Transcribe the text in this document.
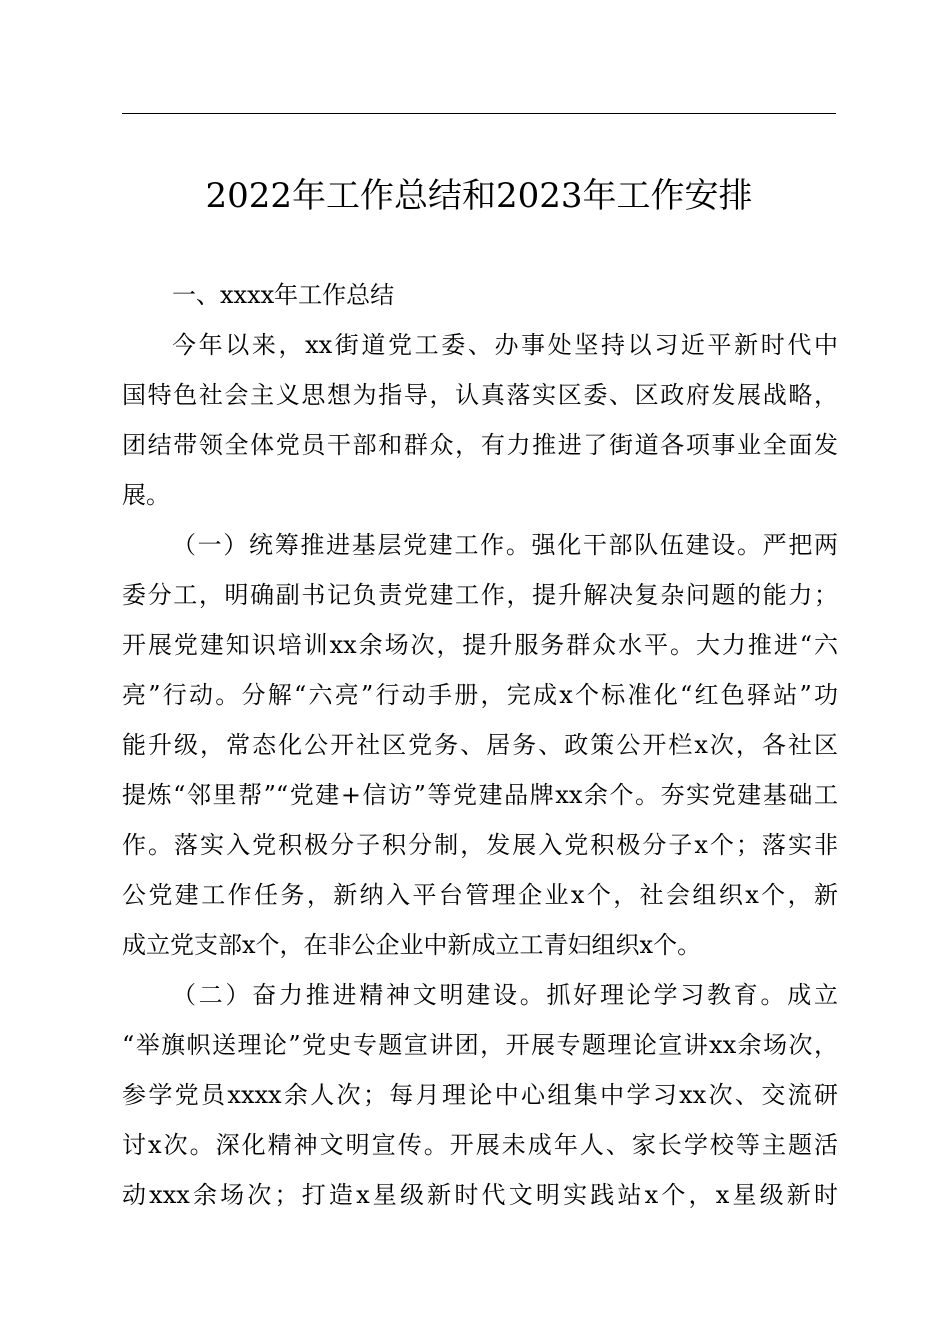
2022年工作总结和2023年工作安排
一、xxxx年工作总结
今年以来，xx街道党工委、办事处坚持以习近平新时代中
国特色社会主义思想为指导，认真落实区委、区政府发展战略，
团结带领全体党员干部和群众，有力推进了街道各项事业全面发
展。
（一）统筹推进基层党建工作。强化干部队伍建设。严把两
委分工，明确副书记负责党建工作，提升解决复杂问题的能力；
开展党建知识培训xx余场次，提升服务群众水平。大力推进“六
亮”行动。分解“六亮”行动手册，完成x个标准化“红色驿站”功
能升级，常态化公开社区党务、居务、政策公开栏x次，各社区
提炼“邻里帮”“党建+信访”等党建品牌xx余个。夯实党建基础工
作。落实入党积极分子积分制，发展入党积极分子x个；落实非
公党建工作任务，新纳入平台管理企业x个，社会组织x个，新
成立党支部x个，在非公企业中新成立工青妇组织x个。
（二）奋力推进精神文明建设。抓好理论学习教育。成立
“举旗帜送理论”党史专题宣讲团，开展专题理论宣讲xx余场次，
参学党员xxxx余人次；每月理论中心组集中学习xx次、交流研
讨x次。深化精神文明宣传。开展未成年人、家长学校等主题活
动xxx余场次；打造x星级新时代文明实践站x个，x星级新时
